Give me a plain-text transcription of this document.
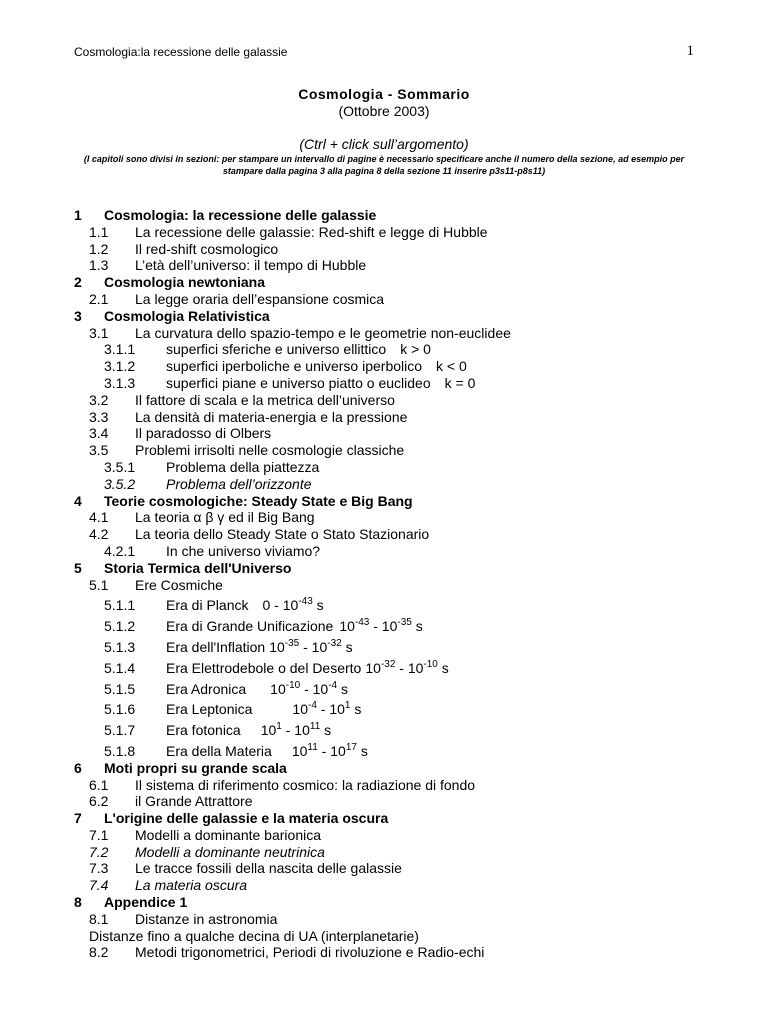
Cosmologia:la recessione delle galassie	1
Cosmologia - Sommario
(Ottobre 2003)
(Ctrl + click sull’argomento)
(I capitoli sono divisi in sezioni: per stampare un intervallo di pagine è necessario specificare anche il numero della sezione, ad esempio per stampare dalla pagina 3 alla pagina 8 della sezione 11 inserire p3s11-p8s11)
1 Cosmologia: la recessione delle galassie
1.1 La recessione delle galassie: Red-shift e legge di Hubble
1.2 Il red-shift cosmologico
1.3 L’età dell’universo: il tempo di Hubble
2 Cosmologia newtoniana
2.1 La legge oraria dell’espansione cosmica
3 Cosmologia Relativistica
3.1 La curvatura dello spazio-tempo e le geometrie non-euclidee
3.1.1 superfici sferiche e universo ellittico k > 0
3.1.2 superfici iperboliche e universo iperbolico k < 0
3.1.3 superfici piane e universo piatto o euclideo k = 0
3.2 Il fattore di scala e la metrica dell’universo
3.3 La densità di materia-energia e la pressione
3.4 Il paradosso di Olbers
3.5 Problemi irrisolti nelle cosmologie classiche
3.5.1 Problema della piattezza
3.5.2 Problema dell’orizzonte
4 Teorie cosmologiche: Steady State e Big Bang
4.1 La teoria α β γ ed il Big Bang
4.2 La teoria dello Steady State o Stato Stazionario
4.2.1 In che universo viviamo?
5 Storia Termica dell'Universo
5.1 Ere Cosmiche
5.1.1 Era di Planck $0 - 10^{-43}$ s
5.1.2 Era di Grande Unificazione $10^{-43} - 10^{-35}$ s
5.1.3 Era dell'Inflation $10^{-35} - 10^{-32}$ s
5.1.4 Era Elettrodebole o del Deserto $10^{-32} - 10^{-10}$ s
5.1.5 Era Adronica $10^{-10} - 10^{-4}$ s
5.1.6 Era Leptonica	$10^{-4} - 10^1$ s
5.1.7 Era fotonica $10^1 - 10^{11}$ s
5.1.8 Era della Materia $10^{11} - 10^{17}$ s
6 Moti propri su grande scala
6.1 Il sistema di riferimento cosmico: la radiazione di fondo
6.2 il Grande Attrattore
7 L'origine delle galassie e la materia oscura
7.1 Modelli a dominante barionica
7.2 Modelli a dominante neutrinica
7.3 Le tracce fossili della nascita delle galassie
7.4 La materia oscura
8 Appendice 1
8.1 Distanze in astronomia
Distanze fino a qualche decina di UA (interplanetarie)
8.2 Metodi trigonometrici, Periodi di rivoluzione e Radio-echi
